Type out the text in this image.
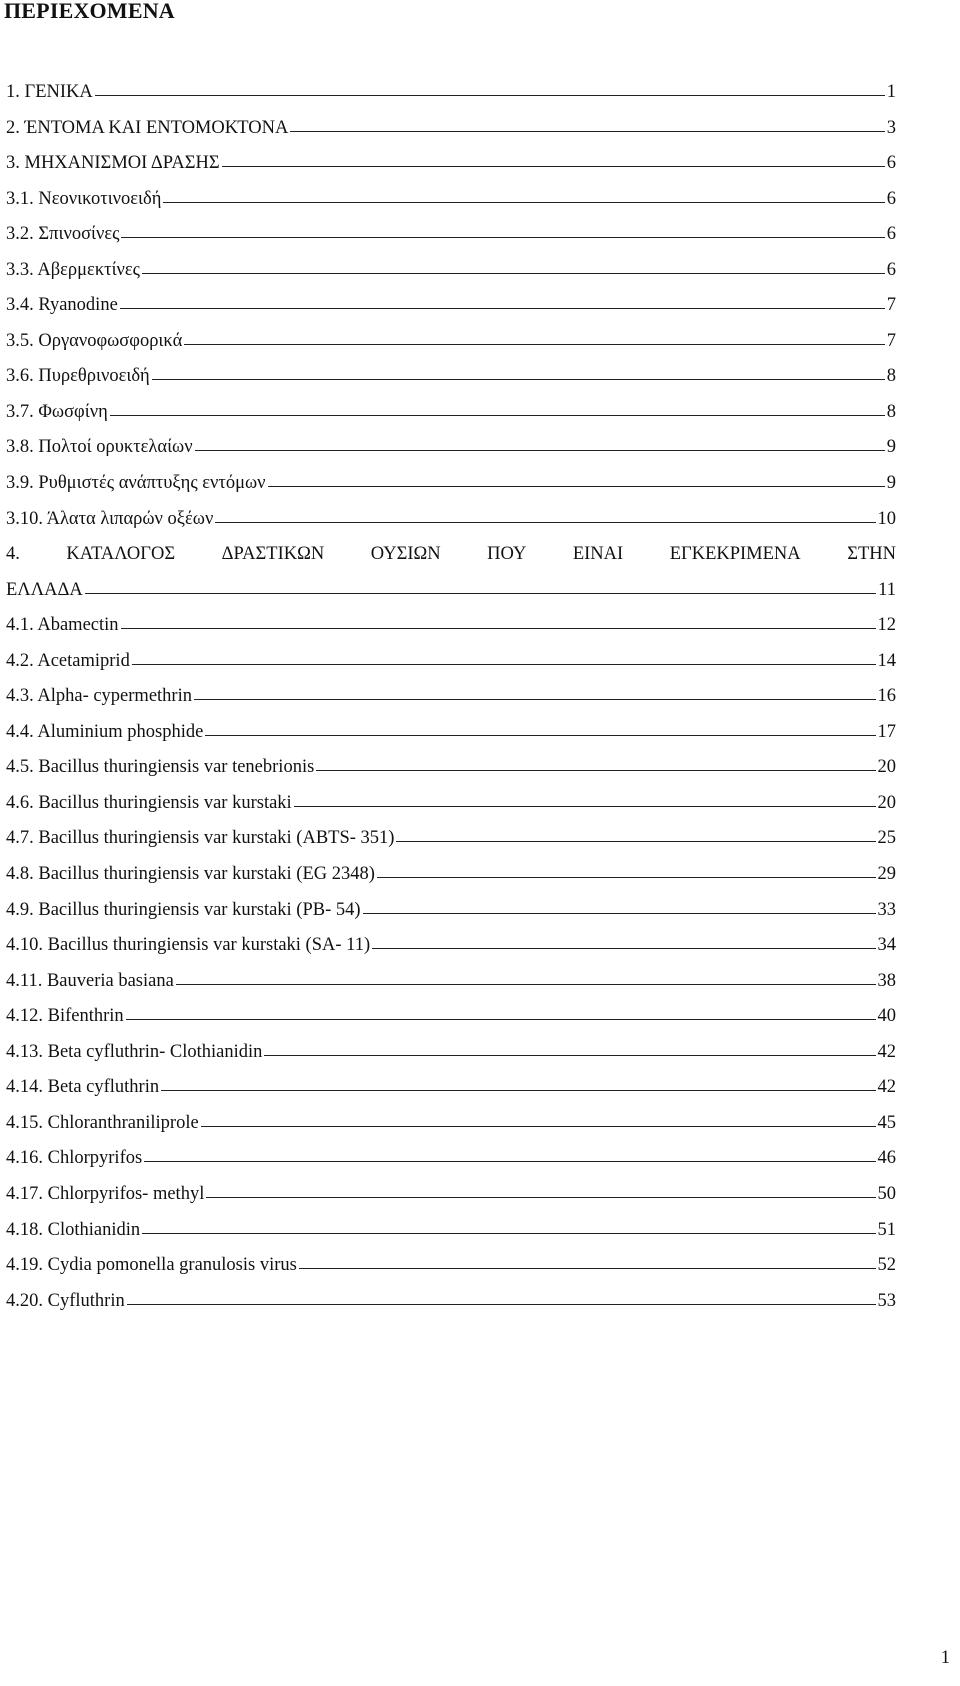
ΠΕΡΙΕΧΟΜΕΝΑ
1. ΓΕΝΙΚΑ	1
2. ΈΝΤΟΜΑ ΚΑΙ ΕΝΤΟΜΟΚΤΟΝΑ	3
3. ΜΗΧΑΝΙΣΜΟΙ ΔΡΑΣΗΣ	6
3.1. Νεονικοτινοειδή	6
3.2. Σπινοσίνες	6
3.3. Αβερμεκτίνες	6
3.4. Ryanodine	7
3.5. Οργανοφωσφορικά	7
3.6. Πυρεθρινοειδή	8
3.7. Φωσφίνη	8
3.8. Πολτοί ορυκτελαίων	9
3.9. Ρυθμιστές ανάπτυξης εντόμων	9
3.10. Άλατα λιπαρών οξέων	10
4.	ΚΑΤΑΛΟΓΟΣ	ΔΡΑΣΤΙΚΩΝ	ΟΥΣΙΩΝ	ΠΟΥ	ΕΙΝΑΙ	ΕΓΚΕΚΡΙΜΕΝΑ	ΣΤΗΝ
ΕΛΛΑΔΑ	11
4.1. Abamectin	12
4.2. Acetamiprid	14
4.3. Alpha- cypermethrin	16
4.4. Aluminium phosphide	17
4.5. Bacillus thuringiensis var tenebrionis	20
4.6. Bacillus thuringiensis var kurstaki	20
4.7. Bacillus thuringiensis var kurstaki (ABTS- 351)	25
4.8. Bacillus thuringiensis var kurstaki (EG 2348)	29
4.9. Bacillus thuringiensis var kurstaki (PB- 54)	33
4.10. Bacillus thuringiensis var kurstaki (SA- 11)	34
4.11. Bauveria basiana	38
4.12. Bifenthrin	40
4.13. Beta cyfluthrin- Clothianidin	42
4.14. Beta cyfluthrin	42
4.15. Chloranthraniliprole	45
4.16. Chlorpyrifos	46
4.17. Chlorpyrifos- methyl	50
4.18. Clothianidin	51
4.19. Cydia pomonella granulosis virus	52
4.20. Cyfluthrin	53
1
